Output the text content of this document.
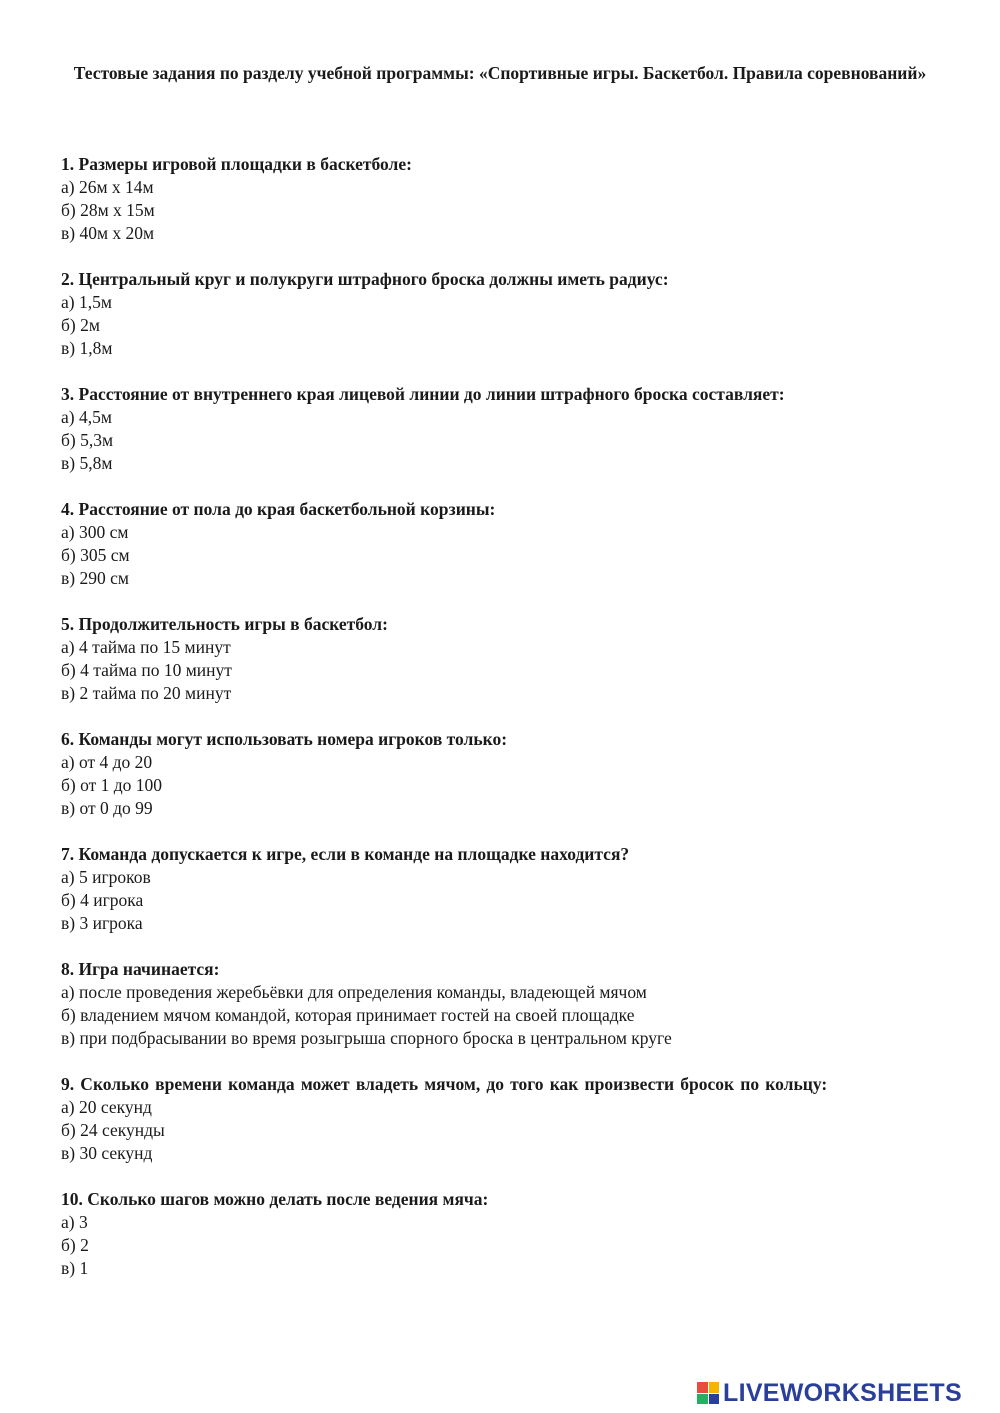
Тестовые задания по разделу учебной программы: «Спортивные игры. Баскетбол. Правила соревнований»
1. Размеры игровой площадки в баскетболе:
а) 26м х 14м
б) 28м х 15м
в) 40м х 20м
2. Центральный круг и полукруги штрафного броска должны иметь радиус:
а) 1,5м
б) 2м
в) 1,8м
3. Расстояние от внутреннего края лицевой линии до линии штрафного броска составляет:
а) 4,5м
б) 5,3м
в) 5,8м
4. Расстояние от пола до края баскетбольной корзины:
а) 300 см
б) 305 см
в) 290 см
5. Продолжительность игры в баскетбол:
а) 4 тайма по 15 минут
б) 4 тайма по 10 минут
в) 2 тайма по 20 минут
6. Команды могут использовать номера игроков только:
а) от 4 до 20
б) от 1 до 100
в) от 0 до 99
7. Команда допускается к игре, если в команде на площадке находится?
а) 5 игроков
б) 4 игрока
в) 3 игрока
8. Игра начинается:
а) после проведения жеребьёвки для определения команды, владеющей мячом
б) владением мячом командой, которая принимает гостей на своей площадке
в) при подбрасывании во время розыгрыша спорного броска в центральном круге
9. Сколько времени команда может владеть мячом, до того как произвести бросок по кольцу:
а) 20 секунд
б) 24 секунды
в) 30 секунд
10. Сколько шагов можно делать после ведения мяча:
а) 3
б) 2
в) 1
LIVEWORKSHEETS
